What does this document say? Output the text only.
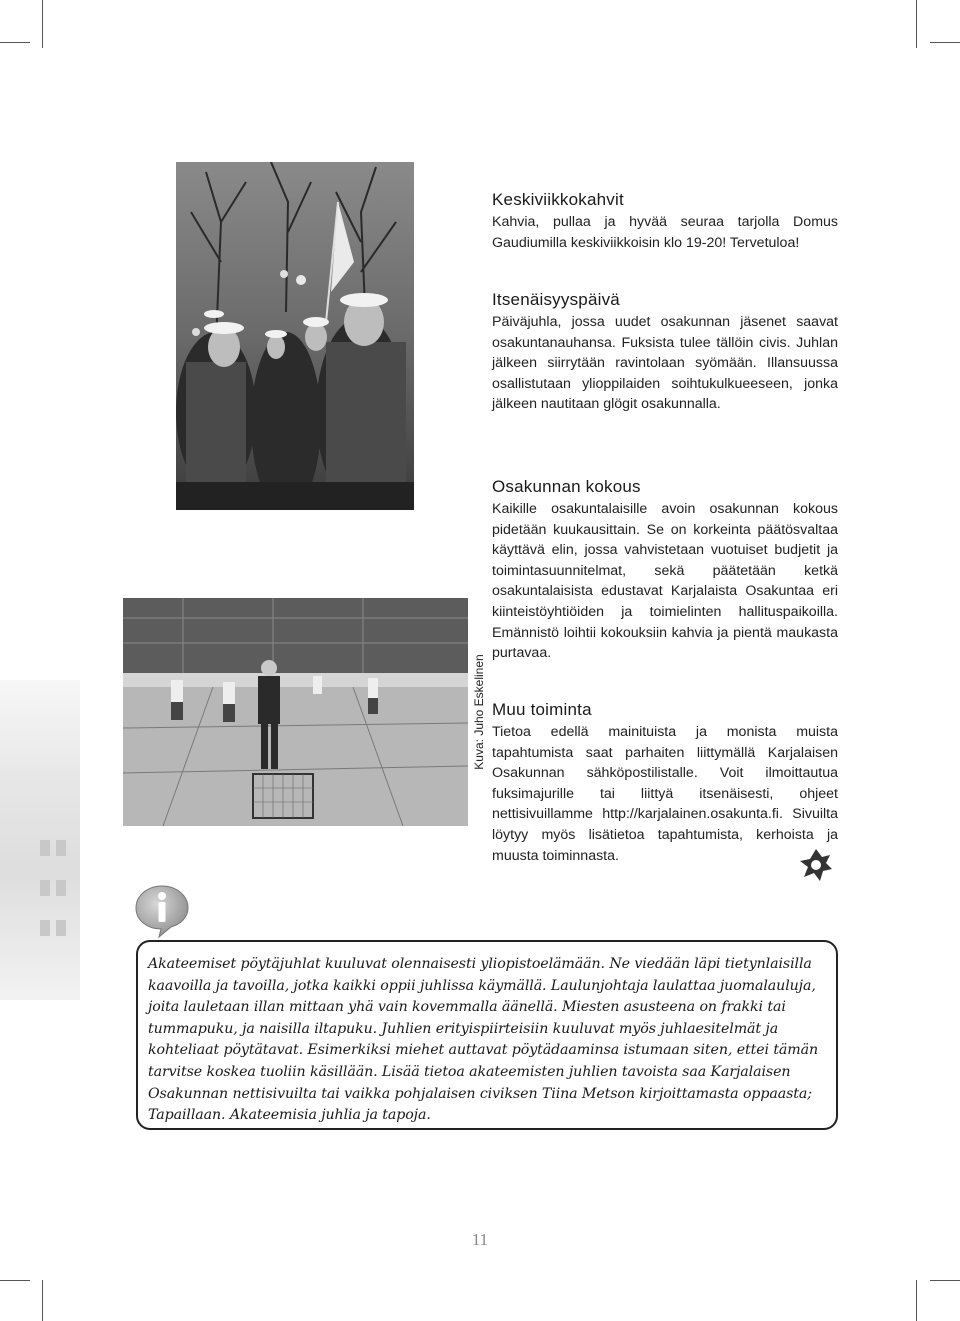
Kuva: Juho Eskelinen
Keskiviikkokahvit

Kahvia, pullaa ja hyvää seuraa tarjolla Domus Gaudiumilla keskiviikkoisin klo 19-20! Tervetuloa!

Itsenäisyyspäivä

Päiväjuhla, jossa uudet osakunnan jäsenet saavat osakuntanauhansa. Fuksista tulee tällöin civis. Juhlan jälkeen siirrytään ravintolaan syömään. Illansuussa osallistutaan ylioppilaiden soihtukulkueeseen, jonka jälkeen nautitaan glögit osakunnalla.

Osakunnan kokous

Kaikille osakuntalaisille avoin osakunnan kokous pidetään kuukausittain. Se on korkeinta päätösvaltaa käyttävä elin, jossa vahvistetaan vuotuiset budjetit ja toimintasuunnitelmat, sekä päätetään ketkä osakuntalaisista edustavat Karjalaista Osakuntaa eri kiinteistöyhtiöiden ja toimielinten hallituspaikoilla. Emännistö loihtii kokouksiin kahvia ja pientä maukasta purtavaa.

Muu toiminta

Tietoa edellä mainituista ja monista muista tapahtumista saat parhaiten liittymällä Karjalaisen Osakunnan sähköpostilistalle. Voit ilmoittautua fuksimajurille tai liittyä itsenäisesti, ohjeet nettisivuillamme http://karjalainen.osakunta.fi. Sivuilta löytyy myös lisätietoa tapahtumista, kerhoista ja muusta toiminnasta.

Akateemiset pöytäjuhlat kuuluvat olennaisesti yliopistoelämään. Ne viedään läpi tietynlaisilla kaavoilla ja tavoilla, jotka kaikki oppii juhlissa käymällä. Laulunjohtaja laulattaa juomalauluja, joita lauletaan illan mittaan yhä vain kovemmalla äänellä. Miesten asusteena on frakki tai tummapuku, ja naisilla iltapuku. Juhlien erityispiirteisiin kuuluvat myös juhlaesitelmät ja kohteliaat pöytätavat. Esimerkiksi miehet auttavat pöytädaaminsa istumaan siten, ettei tämän tarvitse koskea tuoliin käsillään. Lisää tietoa akateemisten juhlien tavoista saa Karjalaisen Osakunnan nettisivuilta tai vaikka pohjalaisen civiksen Tiina Metson kirjoittamasta oppaasta; Tapaillaan. Akateemisia juhlia ja tapoja.

11
